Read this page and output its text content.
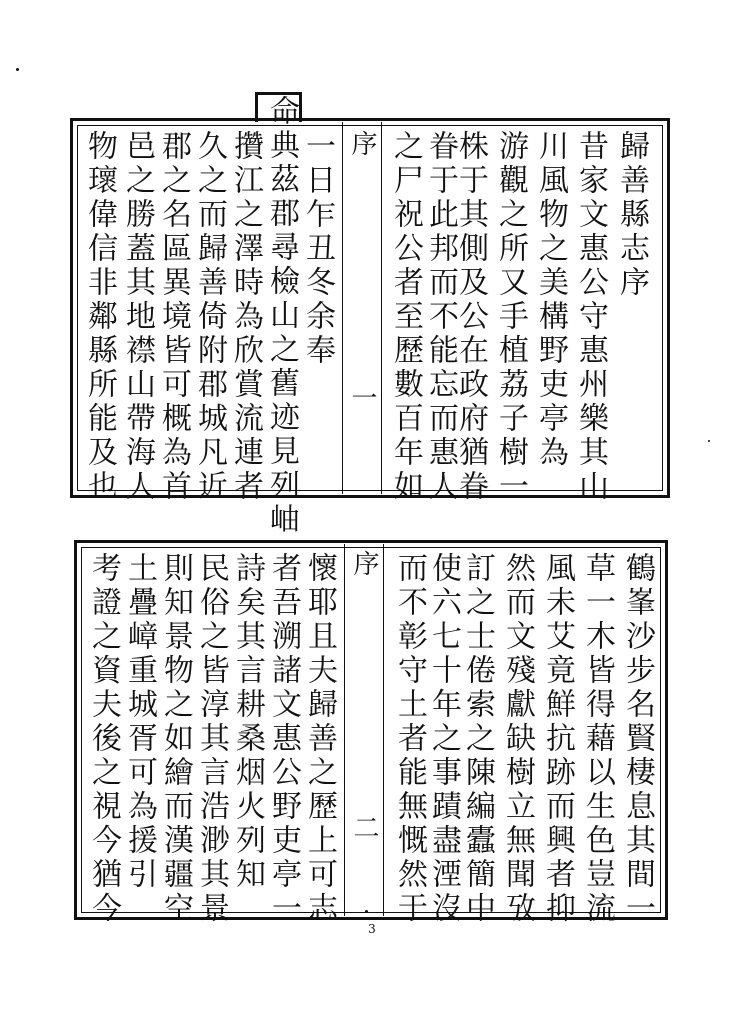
序
一
歸善縣志序
昔家文惠公守惠州樂其山
川風物之美構野吏亭為
游觀之所又手植荔子樹一
株于其側及公在政府猶眷
眷于此邦而不能忘而惠人
之尸祝公者至歷數百年如
一日乍丑冬余奉
命典茲郡尋檢山之舊迹見列岫
攢江之澤時為欣賞流連者
久之而歸善倚附郡城凡近
郡之名區異境皆可概為首
邑之勝蓋其地襟山帶海人
物瓌偉信非鄰縣所能及也
序
二	鶴峯沙步名賢棲息其間一
草一木皆得藉以生色豈流
風未艾竟鮮抗跡而興者抑
然而文殘獻缺樹立無聞攷
訂之士倦索之陳編蠹簡中
使六七十年之事蹟盡湮沒
而不彰守土者能無慨然于
懷耶且夫歸善之歷上可志
者吾溯諸文惠公野吏亭一
詩矣其言耕桑烟火列知
民俗之皆淳其言浩渺其景
則知景物之如繪而漢疆空
土疊嶂重城胥可為援引
考證之資夫後之視今猶今
3
